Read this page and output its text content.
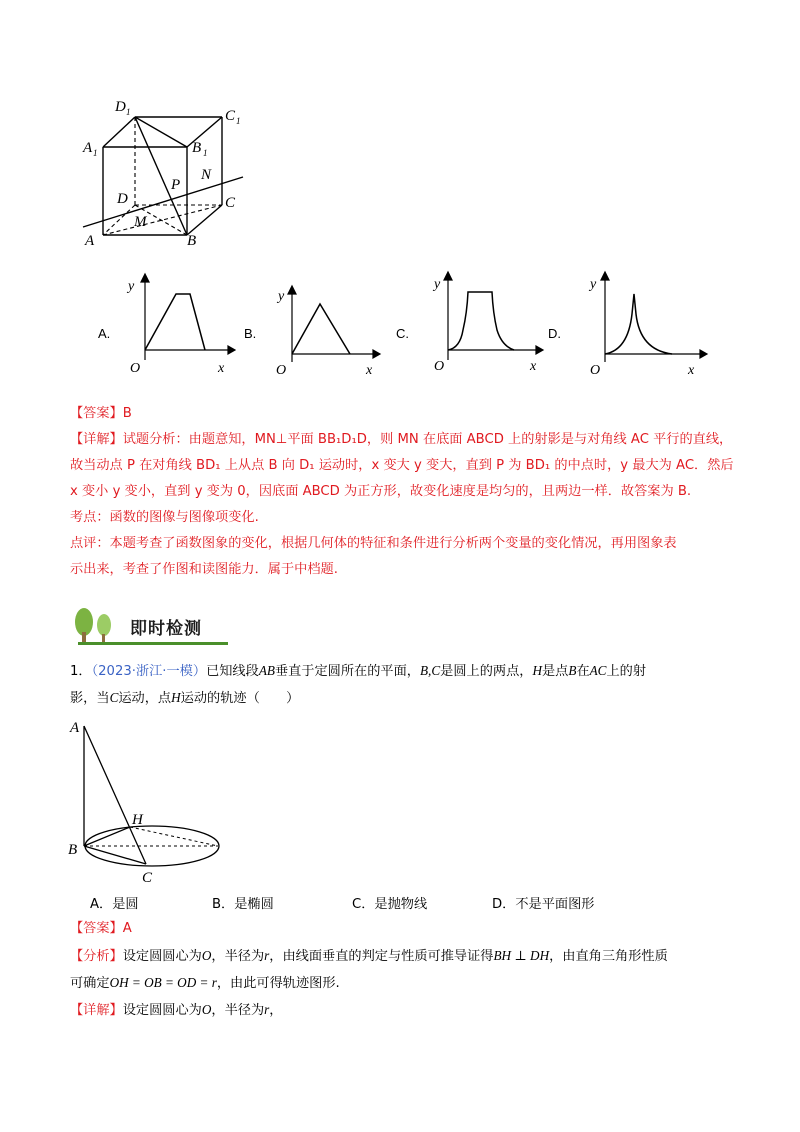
D 1	C 1
A 1	B 1
P
N
D	C
M
A	B
A.
y
O	x
B.
y
O	x
C.
y
O	x
D.
y
O	x
【答案】B
【详解】试题分析：由题意知，MN⊥平面 BB₁D₁D，则 MN 在底面 ABCD 上的射影是与对角线 AC 平行的直线，
故当动点 P 在对角线 BD₁ 上从点 B 向 D₁ 运动时，x 变大 y 变大，直到 P 为 BD₁ 的中点时，y 最大为 AC．然后
x 变小 y 变小，直到 y 变为 0，因底面 ABCD 为正方形，故变化速度是均匀的，且两边一样．故答案为 B.
考点：函数的图像与图像项变化.
点评：本题考查了函数图象的变化，根据几何体的特征和条件进行分析两个变量的变化情况，再用图象表
示出来，考查了作图和读图能力．属于中档题.
即时检测
1．（2023·浙江·一模）已知线段AB垂直于定圆所在的平面，B,C是圆上的两点，H是点B在AC上的射
影，当C运动，点H运动的轨迹（　　）
A
H
B
C
A．是圆	B．是椭圆	C．是抛物线	D．不是平面图形
【答案】A
【分析】设定圆圆心为O，半径为r，由线面垂直的判定与性质可推导证得BH ⊥ DH，由直角三角形性质
可确定OH = OB = OD = r，由此可得轨迹图形.
【详解】设定圆圆心为O，半径为r，
